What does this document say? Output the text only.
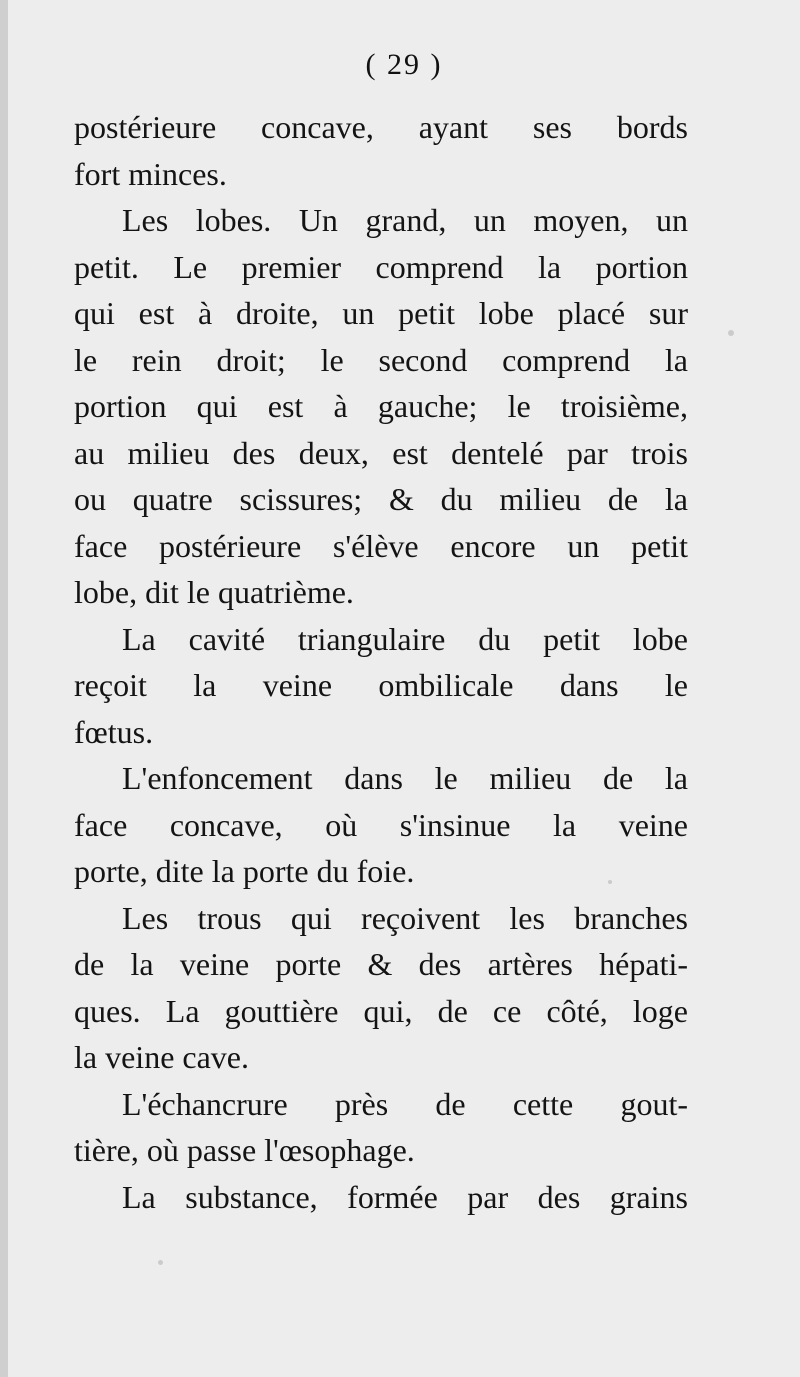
( 29 )
postérieure concave, ayant ses bords
fort minces.
Les lobes. Un grand, un moyen, un
petit. Le premier comprend la portion
qui est à droite, un petit lobe placé sur
le rein droit; le second comprend la
portion qui est à gauche; le troisième,
au milieu des deux, est dentelé par trois
ou quatre scissures; & du milieu de la
face postérieure s'élève encore un petit
lobe, dit le quatrième.
La cavité triangulaire du petit lobe
reçoit la veine ombilicale dans le
fœtus.
L'enfoncement dans le milieu de la
face concave, où s'insinue la veine
porte, dite la porte du foie.
Les trous qui reçoivent les branches
de la veine porte & des artères hépati-
ques. La gouttière qui, de ce côté, loge
la veine cave.
L'échancrure près de cette gout-
tière, où passe l'œsophage.
La substance, formée par des grains
